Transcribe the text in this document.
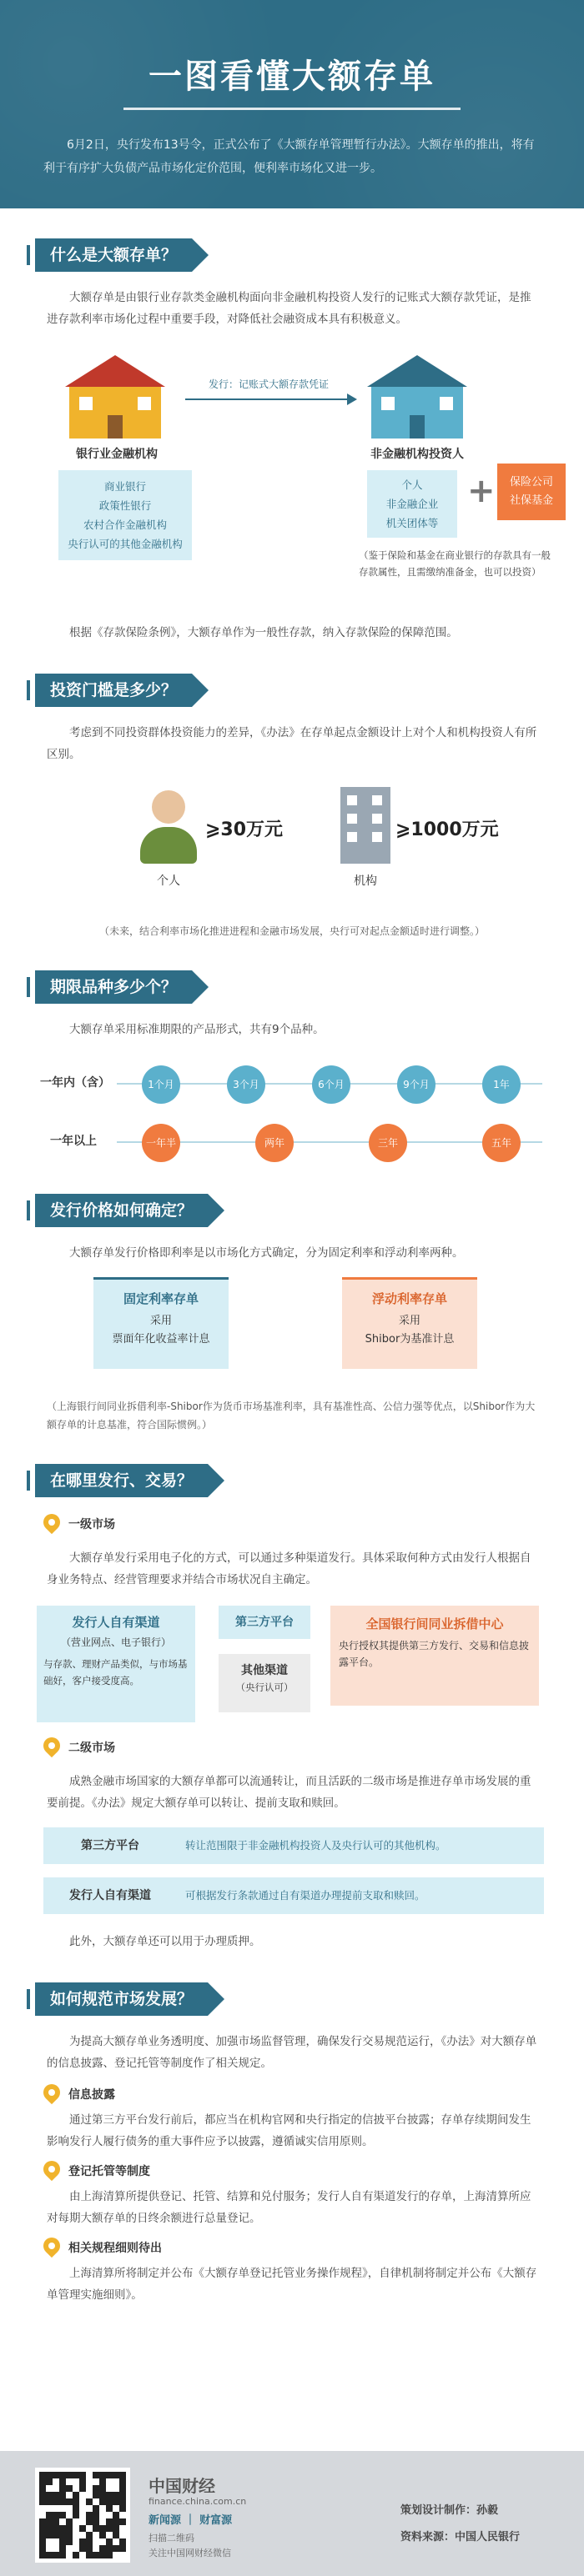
一图看懂大额存单

6月2日，央行发布13号令，正式公布了《大额存单管理暂行办法》。大额存单的推出，将有利于有序扩大负债产品市场化定价范围，便利率市场化又进一步。

什么是大额存单？

大额存单是由银行业存款类金融机构面向非金融机构投资人发行的记账式大额存款凭证，是推进存款利率市场化过程中重要手段，对降低社会融资成本具有积极意义。

银行业金融机构
发行：记账式大额存款凭证
非金融机构投资人
商业银行
政策性银行
农村合作金融机构
央行认可的其他金融机构
个人
非金融企业
机关团体等
+	保险公司
社保基金
（鉴于保险和基金在商业银行的存款具有一般存款属性，且需缴纳准备金，也可以投资）

根据《存款保险条例》，大额存单作为一般性存款，纳入存款保险的保障范围。

投资门槛是多少？

考虑到不同投资群体投资能力的差异，《办法》在存单起点金额设计上对个人和机构投资人有所区别。

⩾30万元
个人
⩾1000万元
机构

（未来，结合利率市场化推进进程和金融市场发展，央行可对起点金额适时进行调整。）

期限品种多少个？

大额存单采用标准期限的产品形式，共有9个品种。

一年内（含）	1个月	3个月	6个月	9个月	1年
一年以上	一年半	两年	三年	五年
发行价格如何确定？

大额存单发行价格即利率是以市场化方式确定，分为固定利率和浮动利率两种。

固定利率存单

采用

票面年化收益率计息

浮动利率存单

采用

Shibor为基准计息

（上海银行间同业拆借利率-Shibor作为货币市场基准利率，具有基准性高、公信力强等优点，以Shibor作为大额存单的计息基准，符合国际惯例。）

在哪里发行、交易？
一级市场

大额存单发行采用电子化的方式，可以通过多种渠道发行。具体采取何种方式由发行人根据自身业务特点、经营管理要求并结合市场状况自主确定。

发行人自有渠道
（营业网点、电子银行）
与存款、理财产品类似，与市场基础好，客户接受度高。
第三方平台
其他渠道
（央行认可）
全国银行间同业拆借中心
央行授权其提供第三方发行、交易和信息披露平台。
二级市场

成熟金融市场国家的大额存单都可以流通转让，而且活跃的二级市场是推进存单市场发展的重要前提。《办法》规定大额存单可以转让、提前支取和赎回。

第三方平台	转让范围限于非金融机构投资人及央行认可的其他机构。
发行人自有渠道	可根据发行条款通过自有渠道办理提前支取和赎回。

此外，大额存单还可以用于办理质押。

如何规范市场发展？

为提高大额存单业务透明度、加强市场监督管理，确保发行交易规范运行，《办法》对大额存单的信息披露、登记托管等制度作了相关规定。

信息披露

通过第三方平台发行前后，都应当在机构官网和央行指定的信披平台披露；存单存续期间发生影响发行人履行债务的重大事件应予以披露，遵循诚实信用原则。

登记托管等制度

由上海清算所提供登记、托管、结算和兑付服务；发行人自有渠道发行的存单，上海清算所应对每期大额存单的日终余额进行总量登记。

相关规程细则待出

上海清算所将制定并公布《大额存单登记托管业务操作规程》，自律机制将制定并公布《大额存单管理实施细则》。

中国财经
finance.china.com.cn
新闻源 ｜ 财富源
扫描二维码
关注中国网财经微信
策划设计制作：孙毅
资料来源：中国人民银行
